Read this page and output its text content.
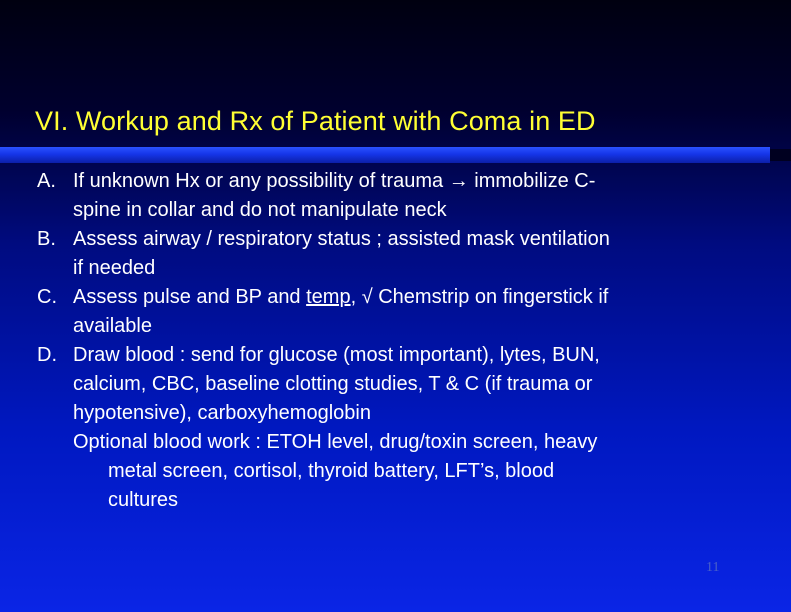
VI. Workup and Rx of Patient with Coma in ED
A. If unknown Hx or any possibility of trauma → immobilize C-
spine in collar and do not manipulate neck
B. Assess airway / respiratory status ; assisted mask ventilation
if needed
C. Assess pulse and BP and temp, √ Chemstrip on fingerstick if
available
D. Draw blood : send for glucose (most important), lytes, BUN,
calcium, CBC, baseline clotting studies, T & C (if trauma or
hypotensive), carboxyhemoglobin
Optional blood work : ETOH level, drug/toxin screen, heavy
metal screen, cortisol, thyroid battery, LFT’s, blood
cultures
11
